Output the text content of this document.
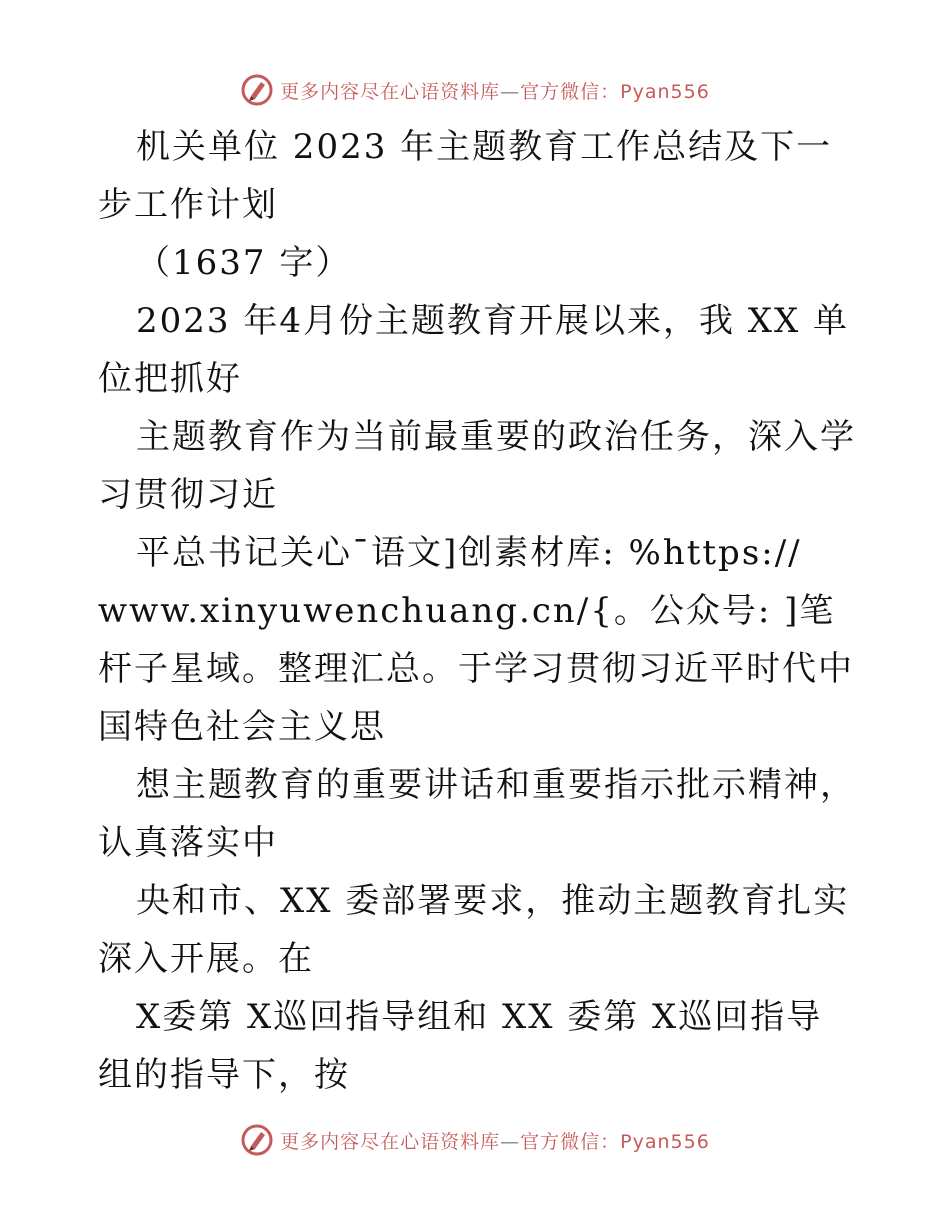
更多内容尽在心语资料库—官方微信：Pyan556

机关单位 2023 年主题教育工作总结及下一步工作计划

（1637 字）

2023 年4月份主题教育开展以来，我 XX 单位把抓好

主题教育作为当前最重要的政治任务，深入学习贯彻习近

平总书记关心¯语文]创素材库: %https://

www.xinyuwenchuang.cn/{。公众号: ]笔杆子星域。整理汇总。于学习贯彻习近平时代中国特色社会主义思

想主题教育的重要讲话和重要指示批示精神，认真落实中

央和市、XX 委部署要求，推动主题教育扎实深入开展。在

X委第 X巡回指导组和 XX 委第 X巡回指导组的指导下，按

更多内容尽在心语资料库—官方微信：Pyan556
